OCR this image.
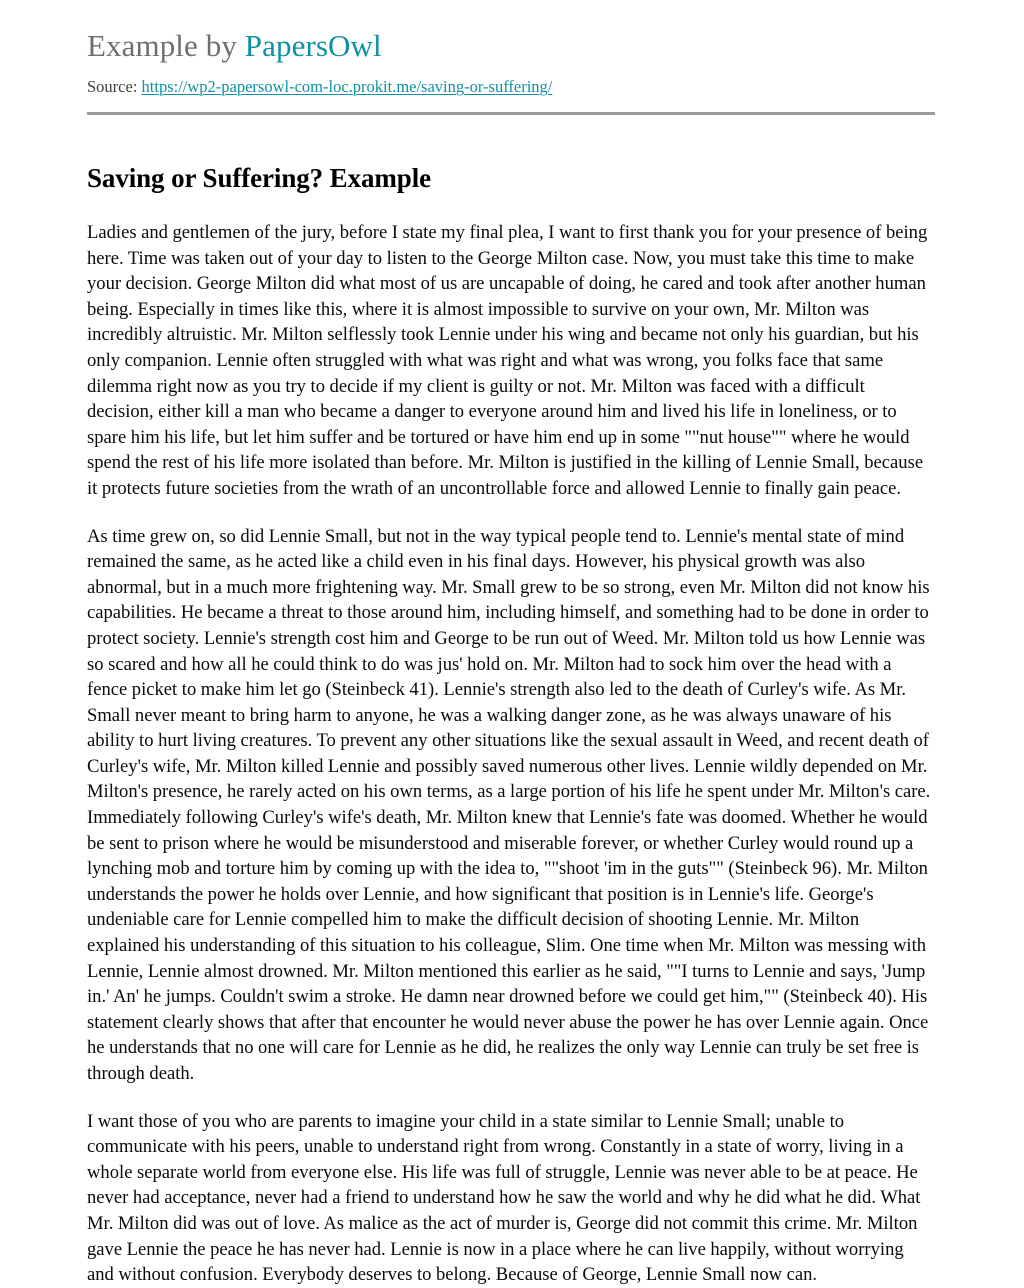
Example by PapersOwl
Source: https://wp2-papersowl-com-loc.prokit.me/saving-or-suffering/
Saving or Suffering? Example

Ladies and gentlemen of the jury, before I state my final plea, I want to first thank you for your presence of being here. Time was taken out of your day to listen to the George Milton case. Now, you must take this time to make your decision. George Milton did what most of us are uncapable of doing, he cared and took after another human being. Especially in times like this, where it is almost impossible to survive on your own, Mr. Milton was incredibly altruistic. Mr. Milton selflessly took Lennie under his wing and became not only his guardian, but his only companion. Lennie often struggled with what was right and what was wrong, you folks face that same dilemma right now as you try to decide if my client is guilty or not. Mr. Milton was faced with a difficult decision, either kill a man who became a danger to everyone around him and lived his life in loneliness, or to spare him his life, but let him suffer and be tortured or have him end up in some ""nut house"" where he would spend the rest of his life more isolated than before. Mr. Milton is justified in the killing of Lennie Small, because it protects future societies from the wrath of an uncontrollable force and allowed Lennie to finally gain peace.

As time grew on, so did Lennie Small, but not in the way typical people tend to. Lennie's mental state of mind remained the same, as he acted like a child even in his final days. However, his physical growth was also abnormal, but in a much more frightening way. Mr. Small grew to be so strong, even Mr. Milton did not know his capabilities. He became a threat to those around him, including himself, and something had to be done in order to protect society. Lennie's strength cost him and George to be run out of Weed. Mr. Milton told us how Lennie was so scared and how all he could think to do was jus' hold on. Mr. Milton had to sock him over the head with a fence picket to make him let go (Steinbeck 41). Lennie's strength also led to the death of Curley's wife. As Mr. Small never meant to bring harm to anyone, he was a walking danger zone, as he was always unaware of his ability to hurt living creatures. To prevent any other situations like the sexual assault in Weed, and recent death of Curley's wife, Mr. Milton killed Lennie and possibly saved numerous other lives. Lennie wildly depended on Mr. Milton's presence, he rarely acted on his own terms, as a large portion of his life he spent under Mr. Milton's care. Immediately following Curley's wife's death, Mr. Milton knew that Lennie's fate was doomed. Whether he would be sent to prison where he would be misunderstood and miserable forever, or whether Curley would round up a lynching mob and torture him by coming up with the idea to, ""shoot 'im in the guts"" (Steinbeck 96). Mr. Milton understands the power he holds over Lennie, and how significant that position is in Lennie's life. George's undeniable care for Lennie compelled him to make the difficult decision of shooting Lennie. Mr. Milton explained his understanding of this situation to his colleague, Slim. One time when Mr. Milton was messing with Lennie, Lennie almost drowned. Mr. Milton mentioned this earlier as he said, ""I turns to Lennie and says, 'Jump in.' An' he jumps. Couldn't swim a stroke. He damn near drowned before we could get him,"" (Steinbeck 40). His statement clearly shows that after that encounter he would never abuse the power he has over Lennie again. Once he understands that no one will care for Lennie as he did, he realizes the only way Lennie can truly be set free is through death.

I want those of you who are parents to imagine your child in a state similar to Lennie Small; unable to communicate with his peers, unable to understand right from wrong. Constantly in a state of worry, living in a whole separate world from everyone else. His life was full of struggle, Lennie was never able to be at peace. He never had acceptance, never had a friend to understand how he saw the world and why he did what he did. What Mr. Milton did was out of love. As malice as the act of murder is, George did not commit this crime. Mr. Milton gave Lennie the peace he has never had. Lennie is now in a place where he can live happily, without worrying and without confusion. Everybody deserves to belong. Because of George, Lennie Small now can.
